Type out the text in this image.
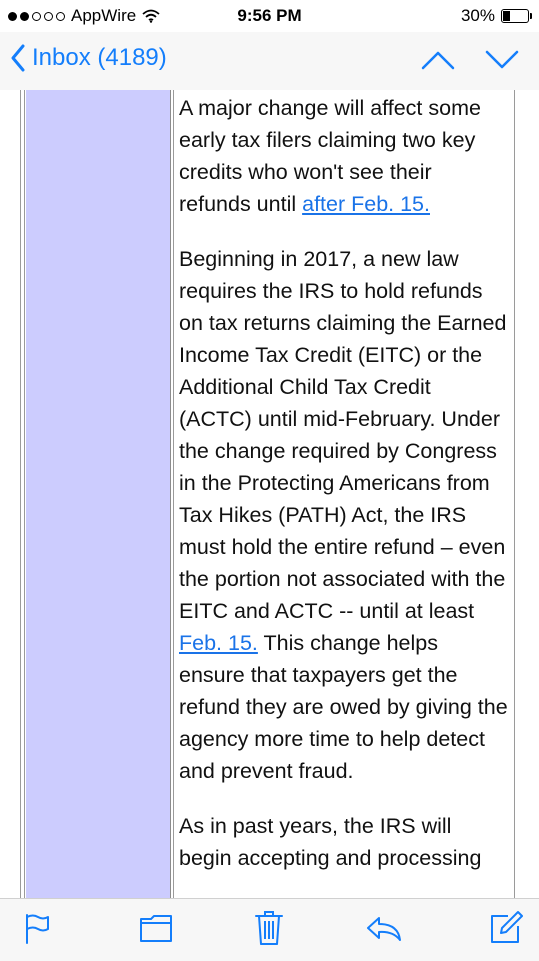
AppWire	9:56 PM	30%
Inbox (4189)

A major change will affect some early tax filers claiming two key credits who won't see their refunds until after Feb. 15.

Beginning in 2017, a new law requires the IRS to hold refunds on tax returns claiming the Earned Income Tax Credit (EITC) or the Additional Child Tax Credit (ACTC) until mid-February. Under the change required by Congress in the Protecting Americans from Tax Hikes (PATH) Act, the IRS must hold the entire refund – even the portion not associated with the EITC and ACTC -- until at least Feb. 15. This change helps ensure that taxpayers get the refund they are owed by giving the agency more time to help detect and prevent fraud.

As in past years, the IRS will begin accepting and processing
